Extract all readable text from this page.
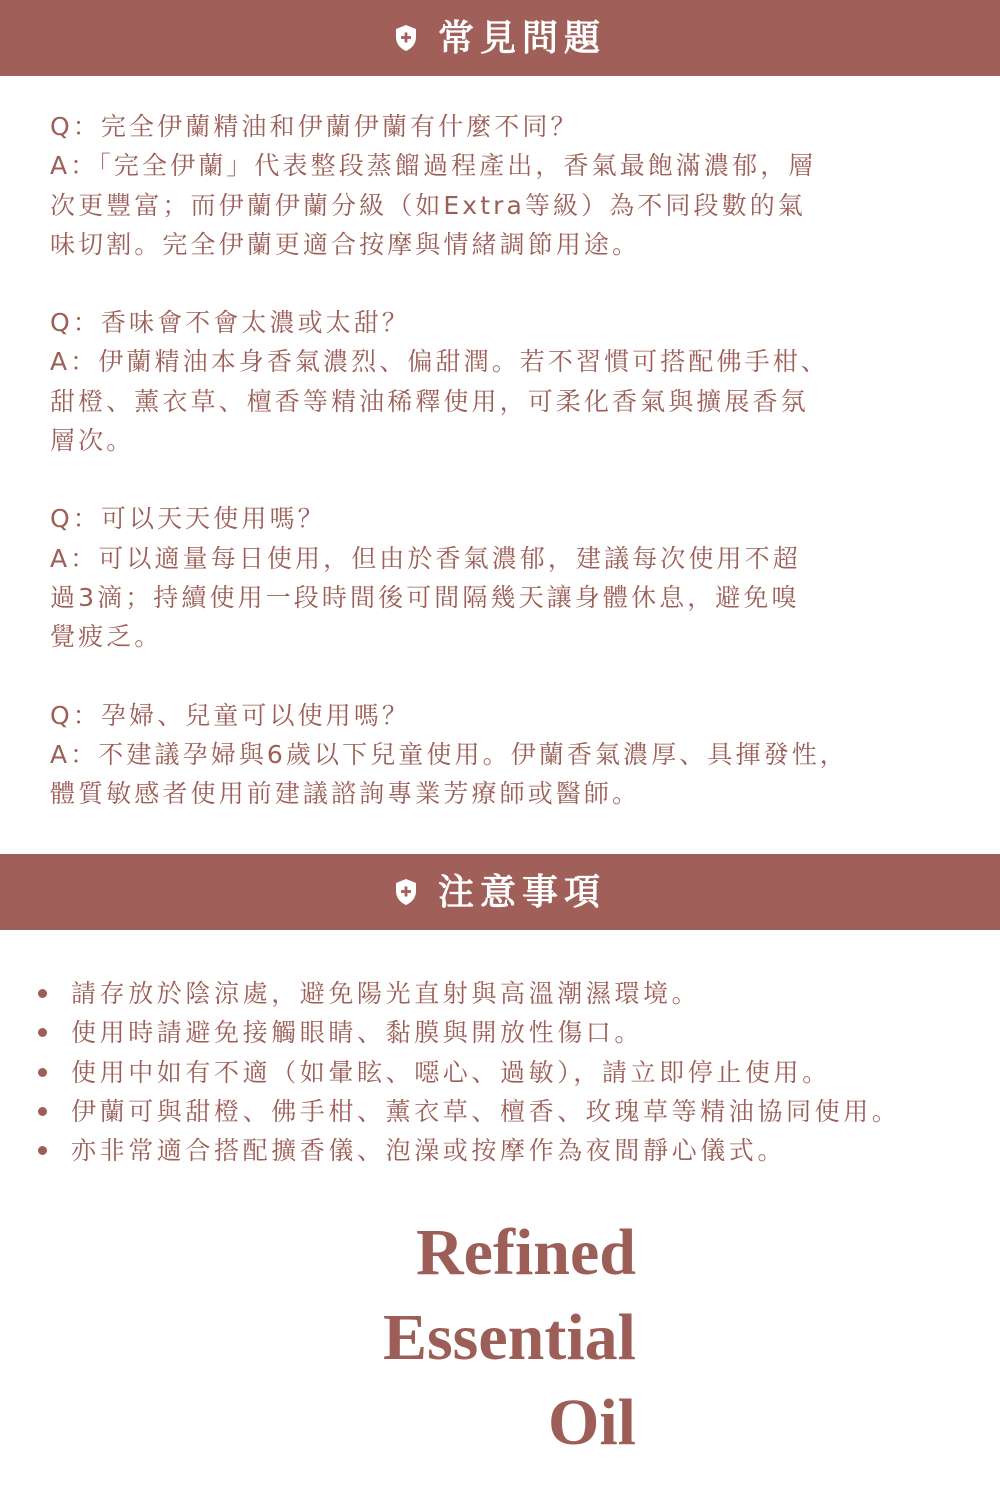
常見問題

Q：完全伊蘭精油和伊蘭伊蘭有什麼不同？

A：「完全伊蘭」代表整段蒸餾過程產出，香氣最飽滿濃郁，層

次更豐富；而伊蘭伊蘭分級（如Extra等級）為不同段數的氣

味切割。完全伊蘭更適合按摩與情緒調節用途。

Q：香味會不會太濃或太甜？

A：伊蘭精油本身香氣濃烈、偏甜潤。若不習慣可搭配佛手柑、

甜橙、薰衣草、檀香等精油稀釋使用，可柔化香氣與擴展香氛

層次。

Q：可以天天使用嗎？

A：可以適量每日使用，但由於香氣濃郁，建議每次使用不超

過3滴；持續使用一段時間後可間隔幾天讓身體休息，避免嗅

覺疲乏。

Q：孕婦、兒童可以使用嗎？

A：不建議孕婦與6歲以下兒童使用。伊蘭香氣濃厚、具揮發性，

體質敏感者使用前建議諮詢專業芳療師或醫師。

注意事項
請存放於陰涼處，避免陽光直射與高溫潮濕環境。
使用時請避免接觸眼睛、黏膜與開放性傷口。
使用中如有不適（如暈眩、噁心、過敏），請立即停止使用。
伊蘭可與甜橙、佛手柑、薰衣草、檀香、玫瑰草等精油協同使用。
亦非常適合搭配擴香儀、泡澡或按摩作為夜間靜心儀式。
Refined
Essential
Oil
